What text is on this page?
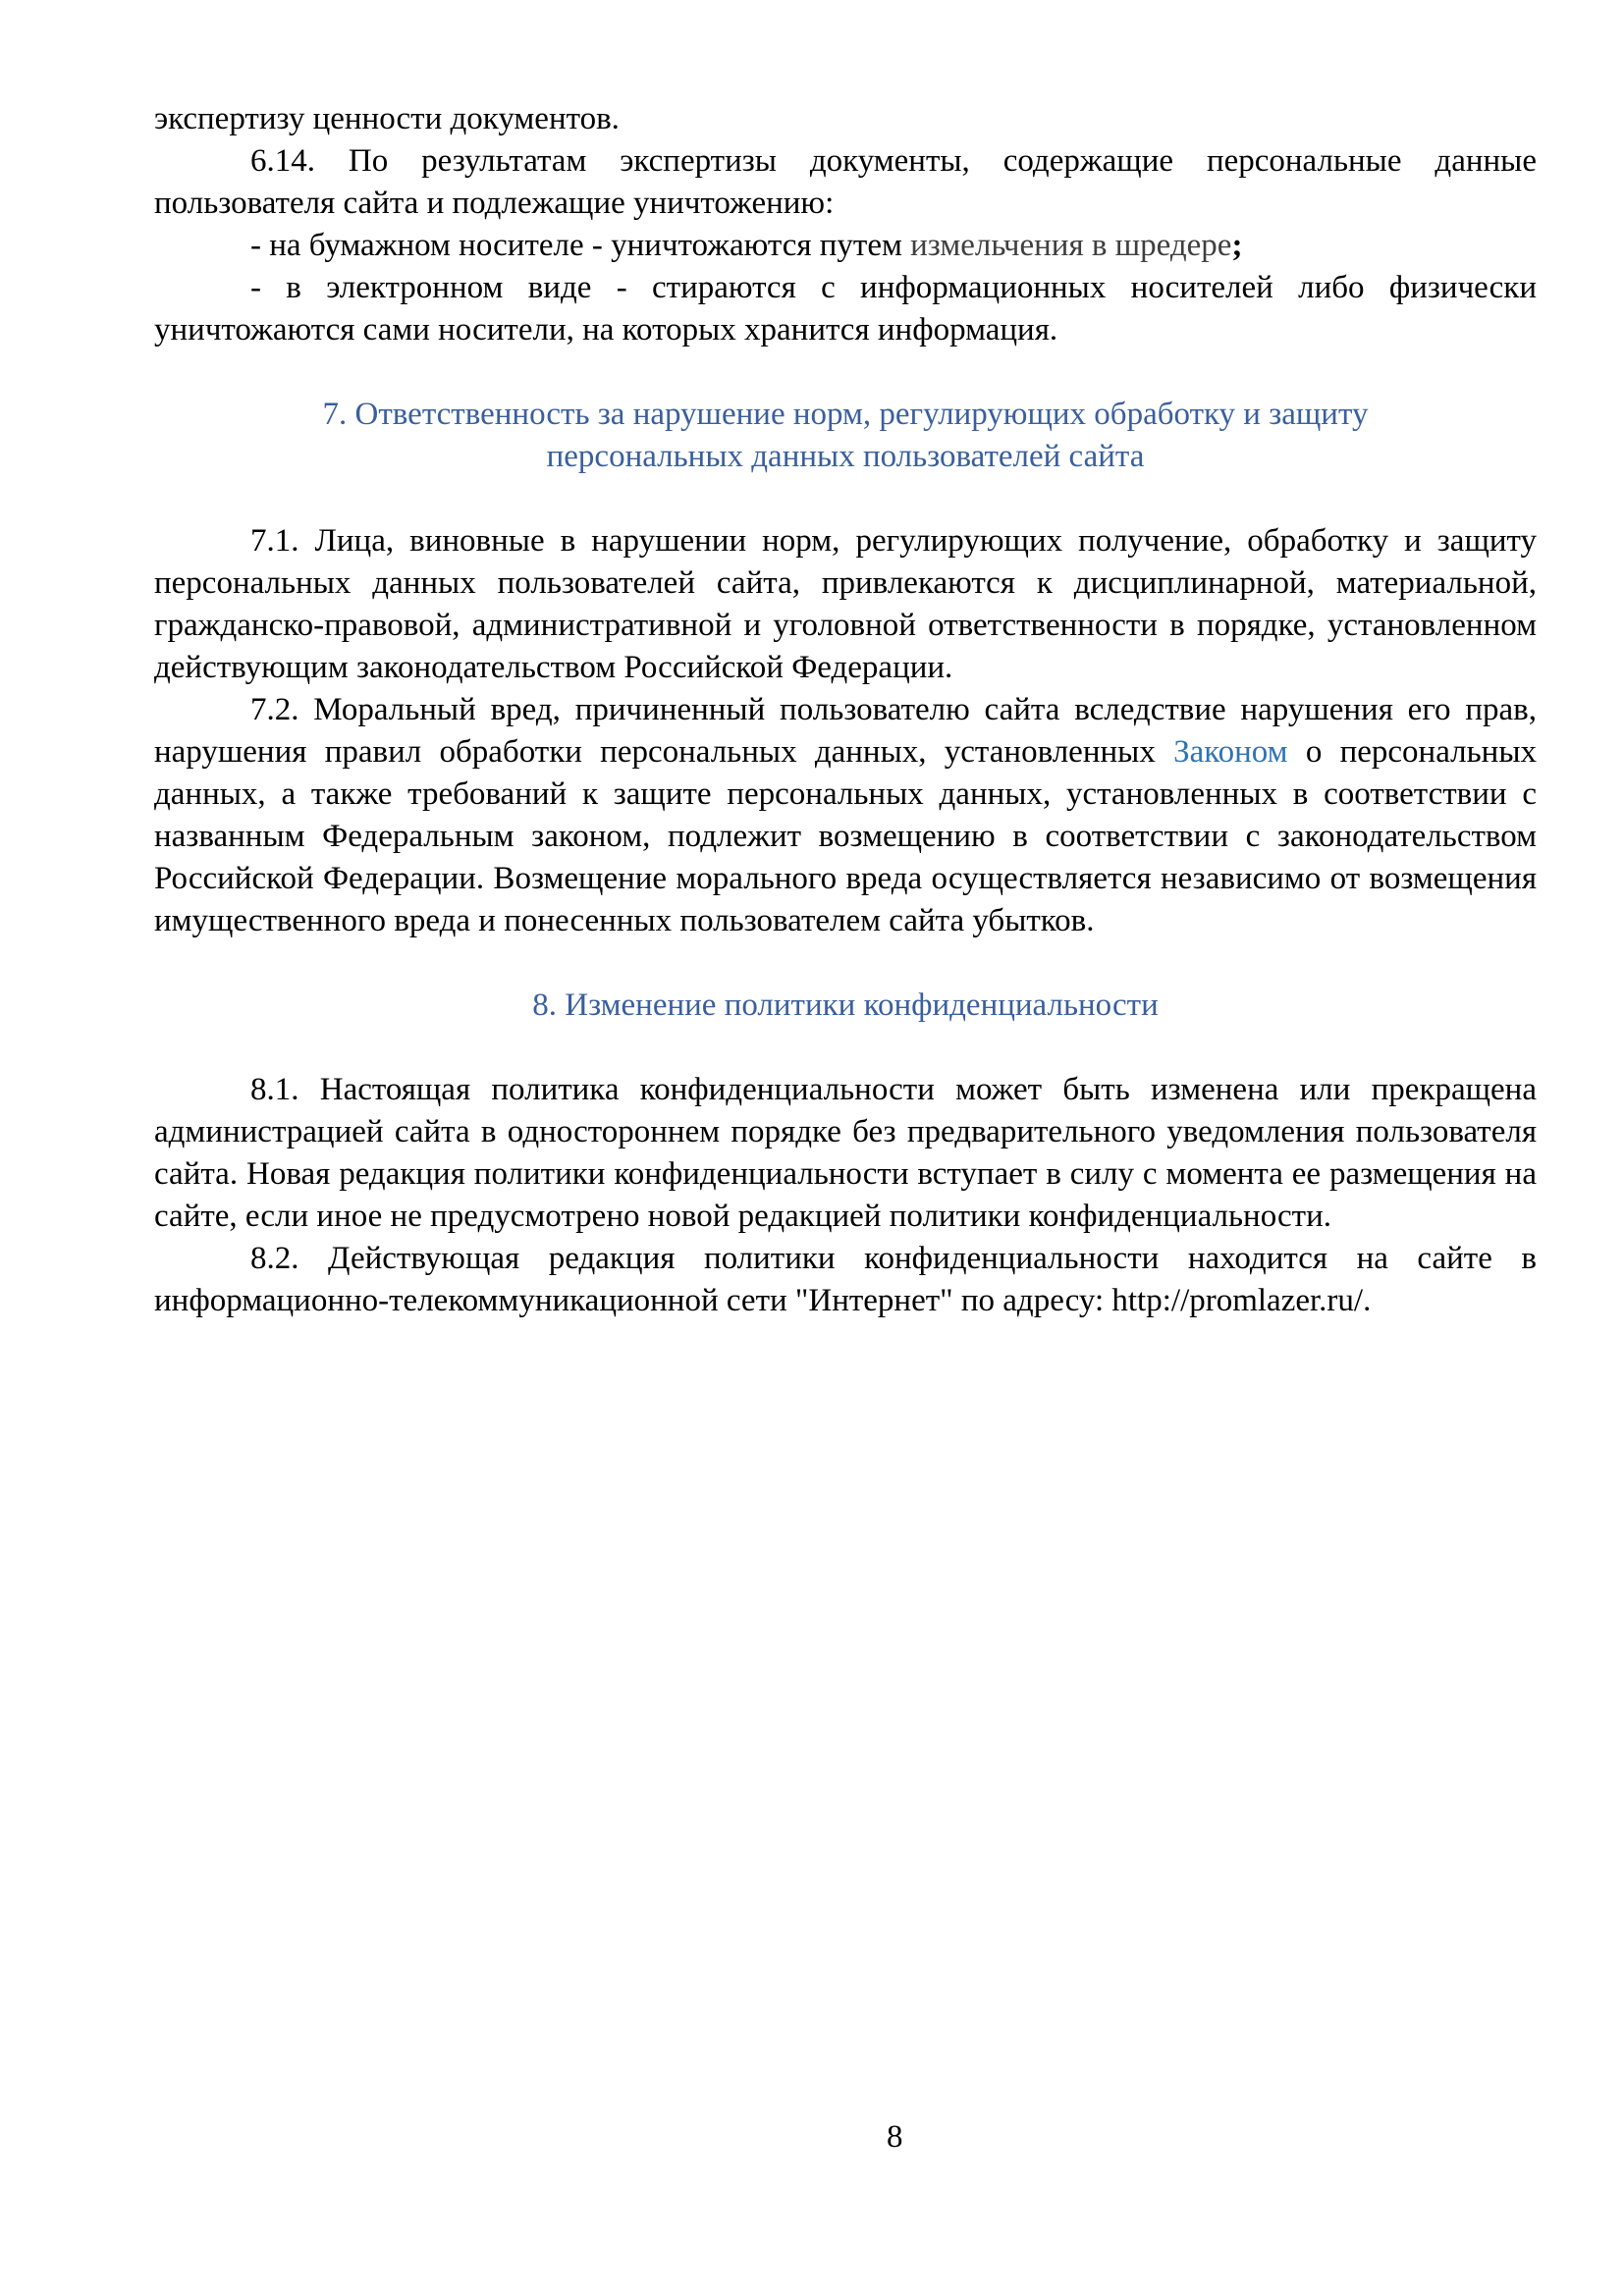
экспертизу ценности документов.

6.14. По результатам экспертизы документы, содержащие персональные данные пользователя сайта и подлежащие уничтожению:

- на бумажном носителе - уничтожаются путем измельчения в шредере;

- в электронном виде - стираются с информационных носителей либо физически уничтожаются сами носители, на которых хранится информация.

7. Ответственность за нарушение норм, регулирующих обработку и защиту
персональных данных пользователей сайта

7.1. Лица, виновные в нарушении норм, регулирующих получение, обработку и защиту персональных данных пользователей сайта, привлекаются к дисциплинарной, материальной, гражданско-правовой, административной и уголовной ответственности в порядке, установленном действующим законодательством Российской Федерации.

7.2. Моральный вред, причиненный пользователю сайта вследствие нарушения его прав, нарушения правил обработки персональных данных, установленных Законом о персональных данных, а также требований к защите персональных данных, установленных в соответствии с названным Федеральным законом, подлежит возмещению в соответствии с законодательством Российской Федерации. Возмещение морального вреда осуществляется независимо от возмещения имущественного вреда и понесенных пользователем сайта убытков.

8. Изменение политики конфиденциальности

8.1. Настоящая политика конфиденциальности может быть изменена или прекращена администрацией сайта в одностороннем порядке без предварительного уведомления пользователя сайта. Новая редакция политики конфиденциальности вступает в силу с момента ее размещения на сайте, если иное не предусмотрено новой редакцией политики конфиденциальности.

8.2. Действующая редакция политики конфиденциальности находится на сайте в информационно-телекоммуникационной сети "Интернет" по адресу: http://promlazer.ru/.

8
